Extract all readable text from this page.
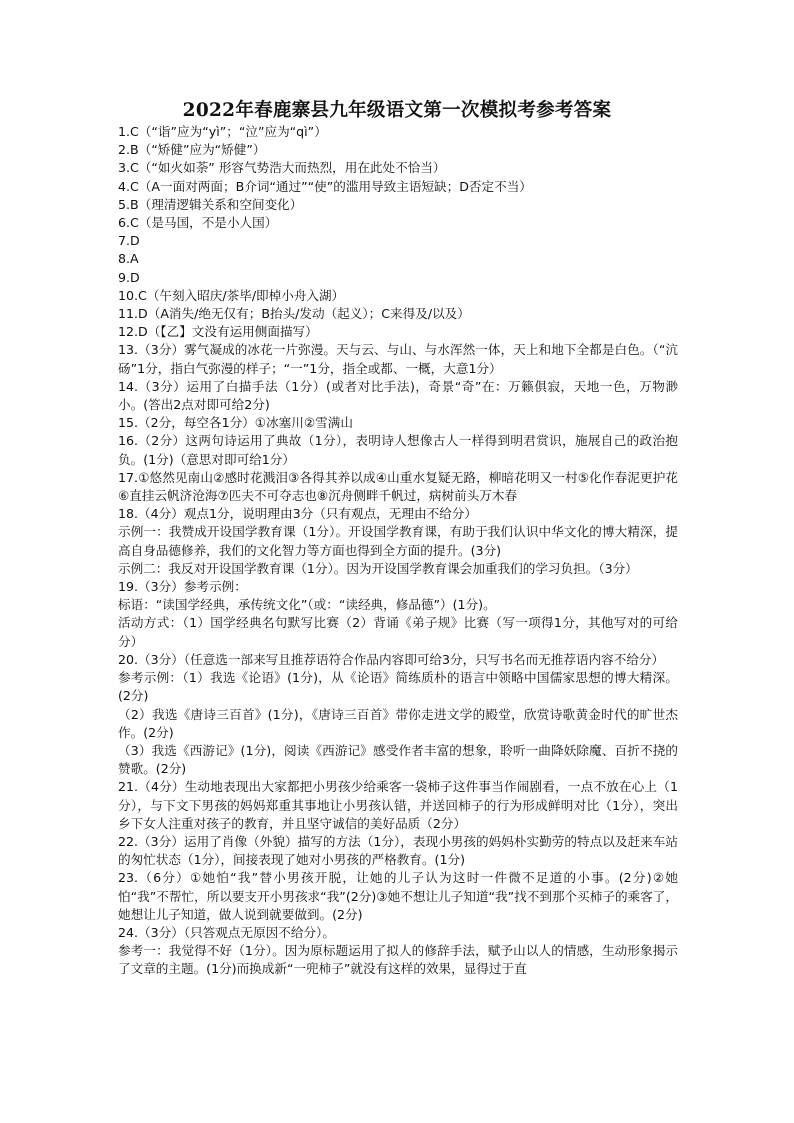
2022年春鹿寨县九年级语文第一次模拟考参考答案

1.C（“诣”应为“yì”；“泣”应为“qì”）

2.B（“矫健”应为“矫健”）

3.C（“如火如荼” 形容气势浩大而热烈，用在此处不恰当）

4.C（A一面对两面；B介词“通过”“使”的滥用导致主语短缺；D否定不当）

5.B（理清逻辑关系和空间变化）

6.C（是马国，不是小人国）

7.D

8.A

9.D

10.C（午刻入昭庆/茶毕/即棹小舟入湖）

11.D（A消失/绝无仅有；B抬头/发动（起义）；C来得及/以及）

12.D（【乙】文没有运用侧面描写）

13.（3分）雾气凝成的冰花一片弥漫。天与云、与山、与水浑然一体，天上和地下全都是白色。（“沆砀”1分，指白气弥漫的样子；“一”1分，指全或都、一概，大意1分）

14.（3分）运用了白描手法（1分）(或者对比手法)，奇景“奇”在：万籁俱寂，天地一色，万物渺小。(答出2点对即可给2分)

15.（2分，每空各1分）①冰塞川②雪满山

16.（2分）这两句诗运用了典故（1分），表明诗人想像古人一样得到明君赏识，施展自己的政治抱负。(1分)（意思对即可给1分）

17.①悠然见南山②感时花溅泪③各得其养以成④山重水复疑无路，柳暗花明又一村⑤化作春泥更护花⑥直挂云帆济沧海⑦匹夫不可夺志也⑧沉舟侧畔千帆过，病树前头万木春

18.（4分）观点1分，说明理由3分（只有观点，无理由不给分）

示例一：我赞成开设国学教育课（1分）。开设国学教育课，有助于我们认识中华文化的博大精深，提高自身品德修养，我们的文化智力等方面也得到全方面的提升。(3分)

示例二：我反对开设国学教育课（1分）。因为开设国学教育课会加重我们的学习负担。（3分）

19.（3分）参考示例：

标语：“读国学经典，承传统文化”（或：“读经典，修品德”）(1分)。

活动方式：（1）国学经典名句默写比赛（2）背诵《弟子规》比赛（写一项得1分，其他写对的可给分）

20.（3分）（任意选一部来写且推荐语符合作品内容即可给3分，只写书名而无推荐语内容不给分）

参考示例：（1）我选《论语》(1分)，从《论语》简练质朴的语言中领略中国儒家思想的博大精深。(2分)

（2）我选《唐诗三百首》(1分)，《唐诗三百首》带你走进文学的殿堂，欣赏诗歌黄金时代的旷世杰作。(2分)

（3）我选《西游记》(1分)，阅读《西游记》感受作者丰富的想象，聆听一曲降妖除魔、百折不挠的赞歌。(2分)

21.（4分）生动地表现出大家都把小男孩少给乘客一袋柿子这件事当作闹剧看，一点不放在心上（1分），与下文下男孩的妈妈郑重其事地让小男孩认错，并送回柿子的行为形成鲜明对比（1分），突出乡下女人注重对孩子的教育，并且坚守诚信的美好品质（2分）

22.（3分）运用了肖像（外貌）描写的方法（1分），表现小男孩的妈妈朴实勤劳的特点以及赶来车站的匆忙状态（1分），间接表现了她对小男孩的严格教育。(1分)

23.（6分）①她怕“我”替小男孩开脱，让她的儿子认为这时一件微不足道的小事。(2分)②她怕“我”不帮忙，所以要支开小男孩求“我”(2分)③她不想让儿子知道“我”找不到那个买柿子的乘客了，她想让儿子知道，做人说到就要做到。(2分)

24.（3分）（只答观点无原因不给分）。

参考一：我觉得不好（1分）。因为原标题运用了拟人的修辞手法，赋予山以人的情感，生动形象揭示了文章的主题。(1分)而换成新“一兜柿子”就没有这样的效果，显得过于直
